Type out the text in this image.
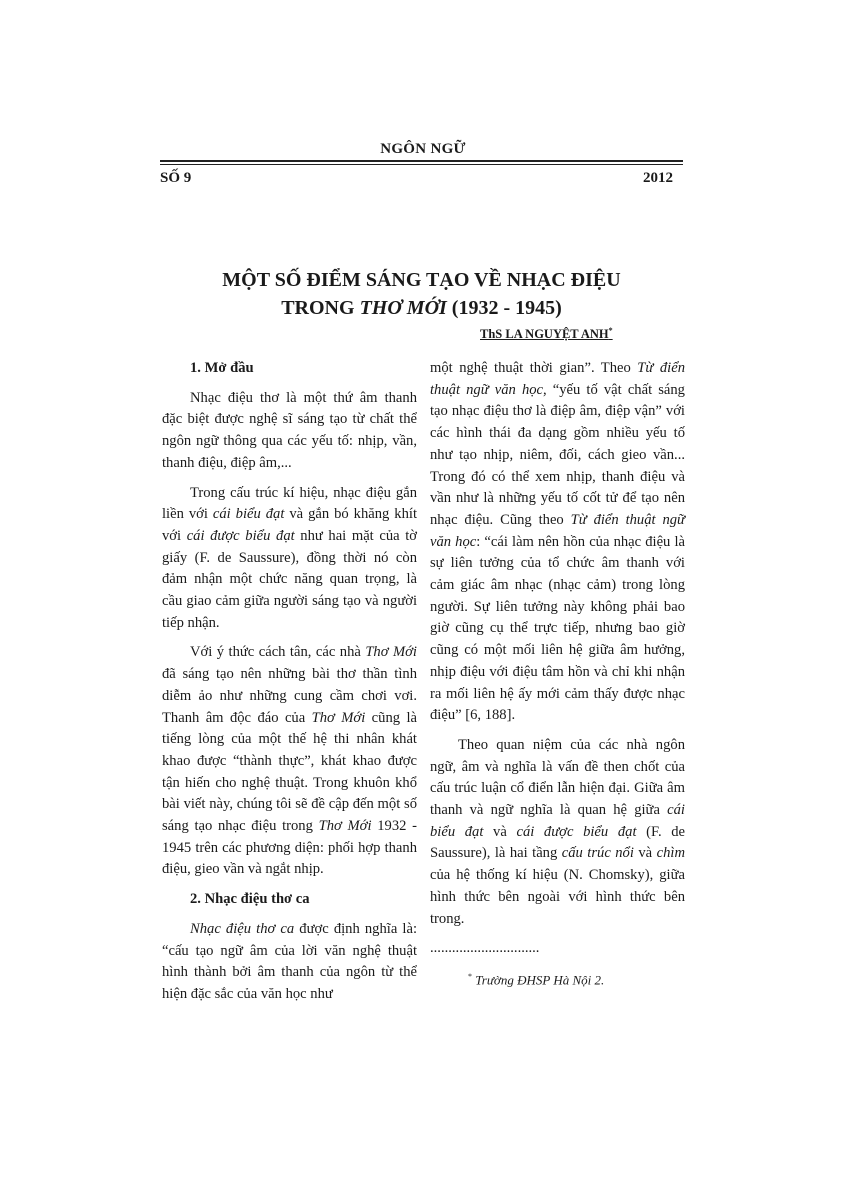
NGÔN NGỮ
SỐ 9	2012
MỘT SỐ ĐIỂM SÁNG TẠO VỀ NHẠC ĐIỆU
TRONG THƠ MỚI (1932 - 1945)
ThS LA NGUYỆT ANH*
1. Mở đầu

Nhạc điệu thơ là một thứ âm thanh đặc biệt được nghệ sĩ sáng tạo từ chất thể ngôn ngữ thông qua các yếu tố: nhịp, vần, thanh điệu, điệp âm,...

Trong cấu trúc kí hiệu, nhạc điệu gắn liền với cái biểu đạt và gắn bó khăng khít với cái được biểu đạt như hai mặt của tờ giấy (F. de Saussure), đồng thời nó còn đảm nhận một chức năng quan trọng, là cầu giao cảm giữa người sáng tạo và người tiếp nhận.

Với ý thức cách tân, các nhà Thơ Mới đã sáng tạo nên những bài thơ thần tình diễm ảo như những cung cầm chơi vơi. Thanh âm độc đáo của Thơ Mới cũng là tiếng lòng của một thế hệ thi nhân khát khao được “thành thực”, khát khao được tận hiến cho nghệ thuật. Trong khuôn khổ bài viết này, chúng tôi sẽ đề cập đến một số sáng tạo nhạc điệu trong Thơ Mới 1932 - 1945 trên các phương diện: phối hợp thanh điệu, gieo vần và ngắt nhịp.

2. Nhạc điệu thơ ca

Nhạc điệu thơ ca được định nghĩa là: “cấu tạo ngữ âm của lời văn nghệ thuật hình thành bởi âm thanh của ngôn từ thể hiện đặc sắc của văn học như

một nghệ thuật thời gian”. Theo Từ điển thuật ngữ văn học, “yếu tố vật chất sáng tạo nhạc điệu thơ là điệp âm, điệp vận” với các hình thái đa dạng gồm nhiều yếu tố như tạo nhịp, niêm, đối, cách gieo vần... Trong đó có thể xem nhịp, thanh điệu và vần như là những yếu tố cốt tử để tạo nên nhạc điệu. Cũng theo Từ điển thuật ngữ văn học: “cái làm nên hồn của nhạc điệu là sự liên tưởng của tổ chức âm thanh với cảm giác âm nhạc (nhạc cảm) trong lòng người. Sự liên tưởng này không phải bao giờ cũng cụ thể trực tiếp, nhưng bao giờ cũng có một mối liên hệ giữa âm hưởng, nhịp điệu với điệu tâm hồn và chỉ khi nhận ra mối liên hệ ấy mới cảm thấy được nhạc điệu” [6, 188].

Theo quan niệm của các nhà ngôn ngữ, âm và nghĩa là vấn đề then chốt của cấu trúc luận cổ điển lẫn hiện đại. Giữa âm thanh và ngữ nghĩa là quan hệ giữa cái biểu đạt và cái được biểu đạt (F. de Saussure), là hai tầng cấu trúc nổi và chìm của hệ thống kí hiệu (N. Chomsky), giữa hình thức bên ngoài với hình thức bên trong.

..............................
* Trường ĐHSP Hà Nội 2.
